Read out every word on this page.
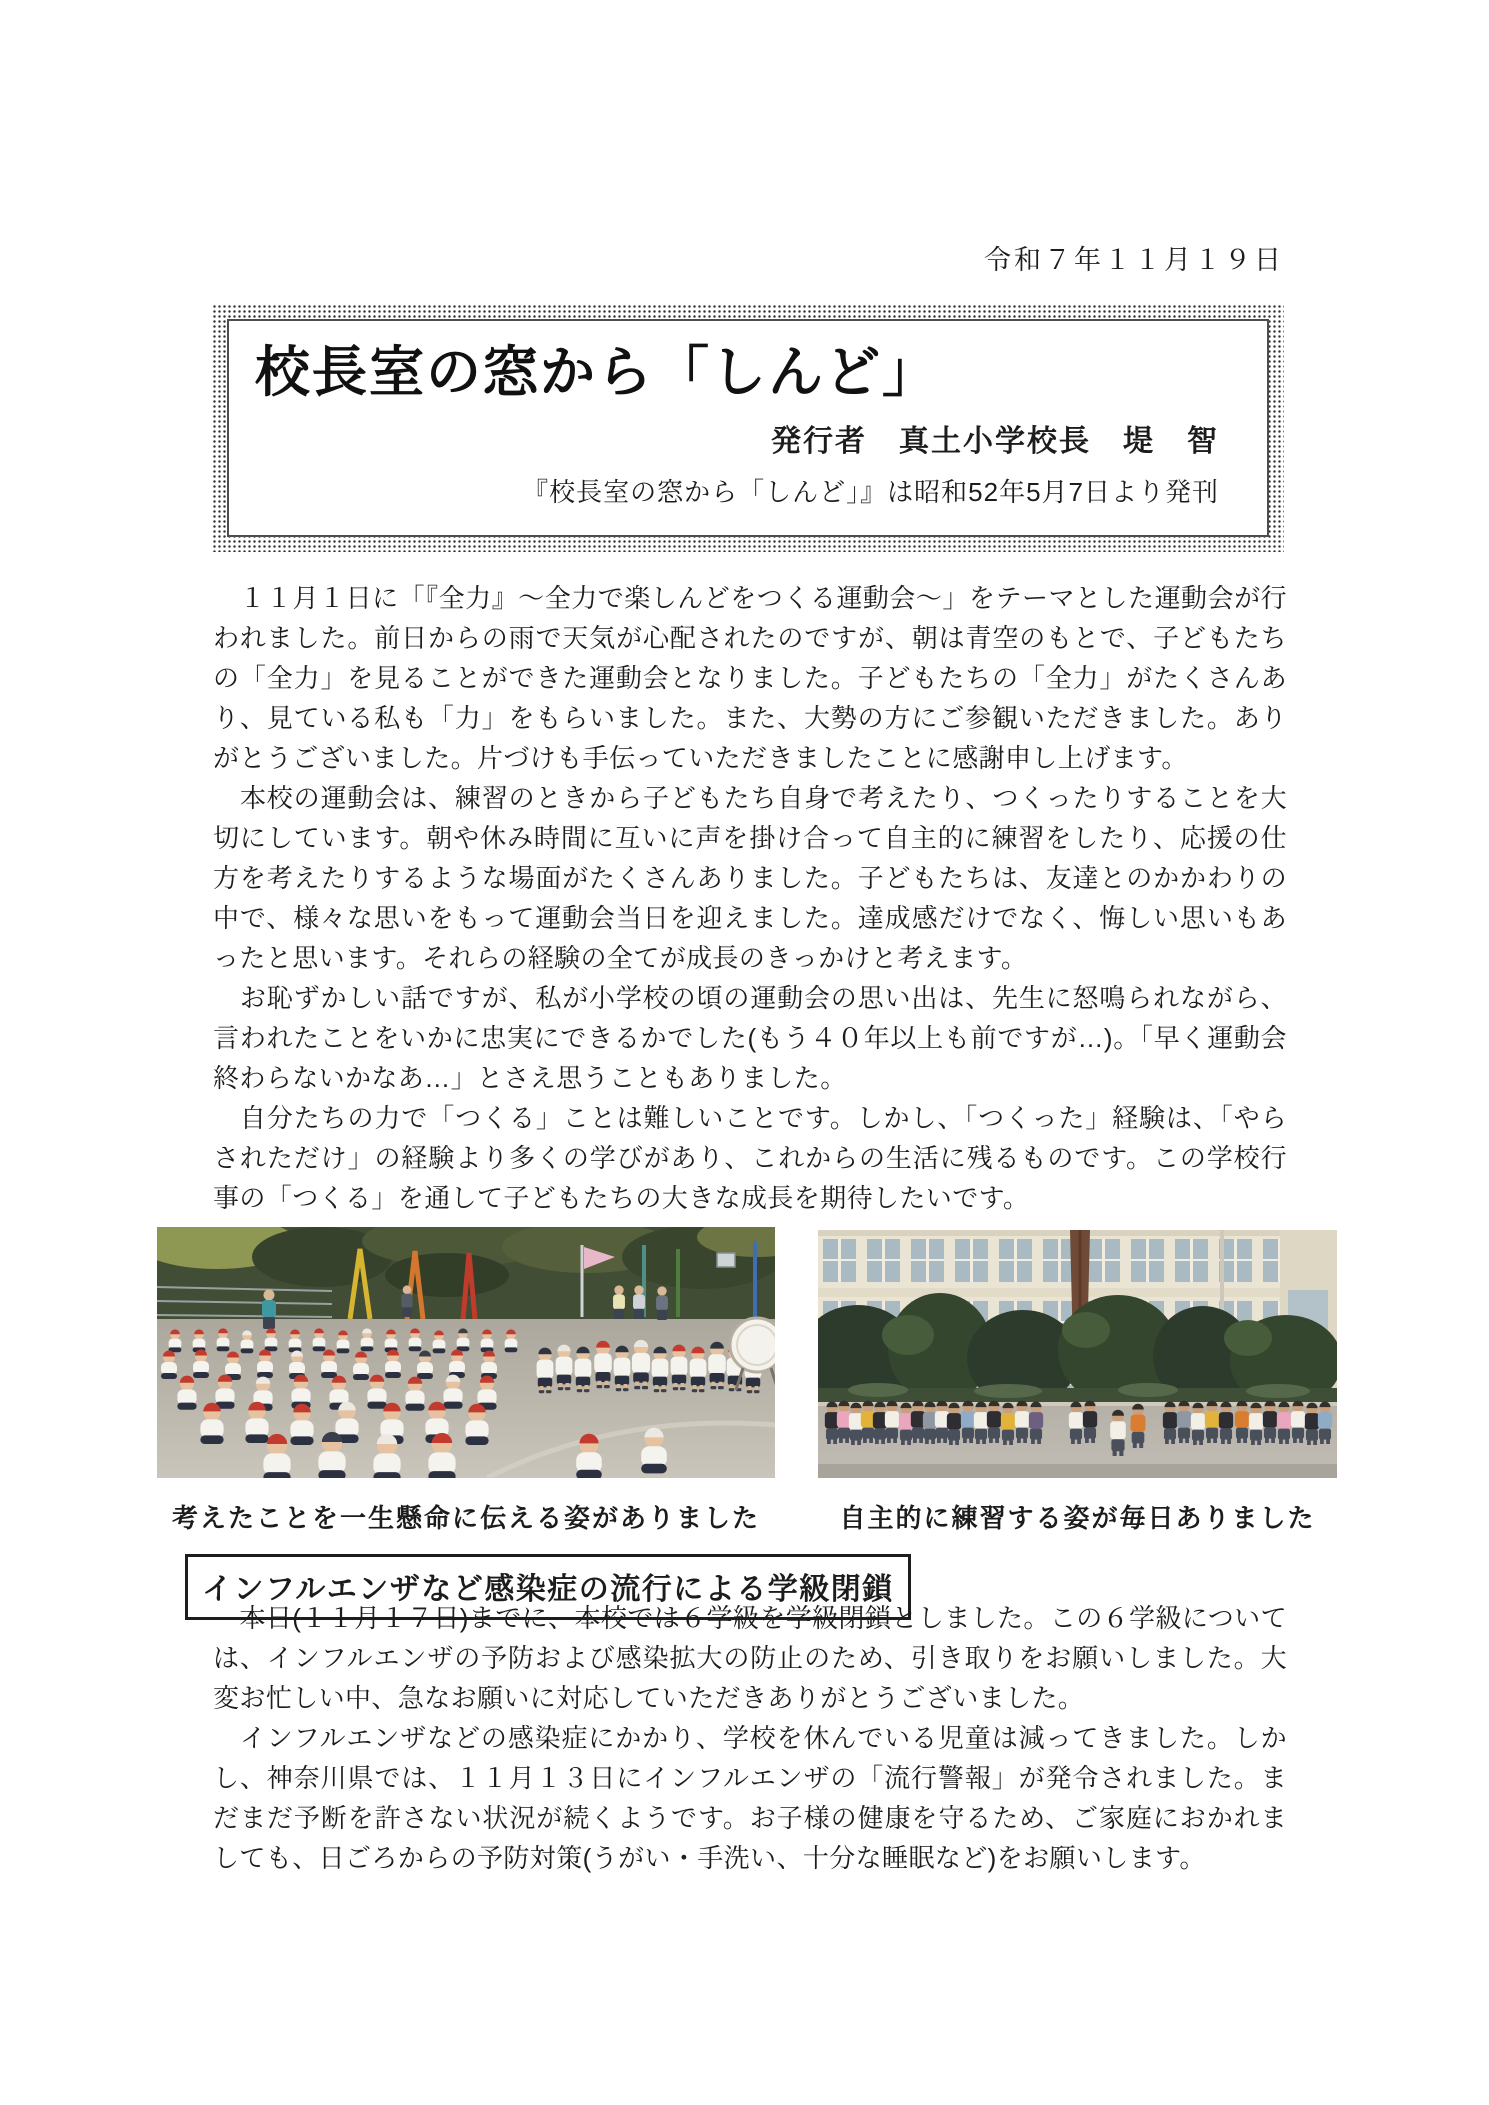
令和７年１１月１９日
校長室の窓から「しんど」
発行者　真土小学校長　堤　智
『校長室の窓から「しんど」』は昭和52年5月7日より発刊

　１１月１日に「『全力』～全力で楽しんどをつくる運動会～」をテーマとした運動会が行われました。前日からの雨で天気が心配されたのですが、朝は青空のもとで、子どもたちの「全力」を見ることができた運動会となりました。子どもたちの「全力」がたくさんあり、見ている私も「力」をもらいました。また、大勢の方にご参観いただきました。ありがとうございました。片づけも手伝っていただきましたことに感謝申し上げます。

　本校の運動会は、練習のときから子どもたち自身で考えたり、つくったりすることを大切にしています。朝や休み時間に互いに声を掛け合って自主的に練習をしたり、応援の仕方を考えたりするような場面がたくさんありました。子どもたちは、友達とのかかわりの中で、様々な思いをもって運動会当日を迎えました。達成感だけでなく、悔しい思いもあったと思います。それらの経験の全てが成長のきっかけと考えます。

　お恥ずかしい話ですが、私が小学校の頃の運動会の思い出は、先生に怒鳴られながら、言われたことをいかに忠実にできるかでした(もう４０年以上も前ですが…)。「早く運動会終わらないかなあ…」とさえ思うこともありました。

　自分たちの力で「つくる」ことは難しいことです。しかし、「つくった」経験は、「やらされただけ」の経験より多くの学びがあり、これからの生活に残るものです。この学校行事の「つくる」を通して子どもたちの大きな成長を期待したいです。

考えたことを一生懸命に伝える姿がありました	自主的に練習する姿が毎日ありました
インフルエンザなど感染症の流行による学級閉鎖

　本日(１１月１７日)までに、本校では６学級を学級閉鎖としました。この６学級については、インフルエンザの予防および感染拡大の防止のため、引き取りをお願いしました。大変お忙しい中、急なお願いに対応していただきありがとうございました。

　インフルエンザなどの感染症にかかり、学校を休んでいる児童は減ってきました。しかし、神奈川県では、１１月１３日にインフルエンザの「流行警報」が発令されました。まだまだ予断を許さない状況が続くようです。お子様の健康を守るため、ご家庭におかれましても、日ごろからの予防対策(うがい・手洗い、十分な睡眠など)をお願いします。
